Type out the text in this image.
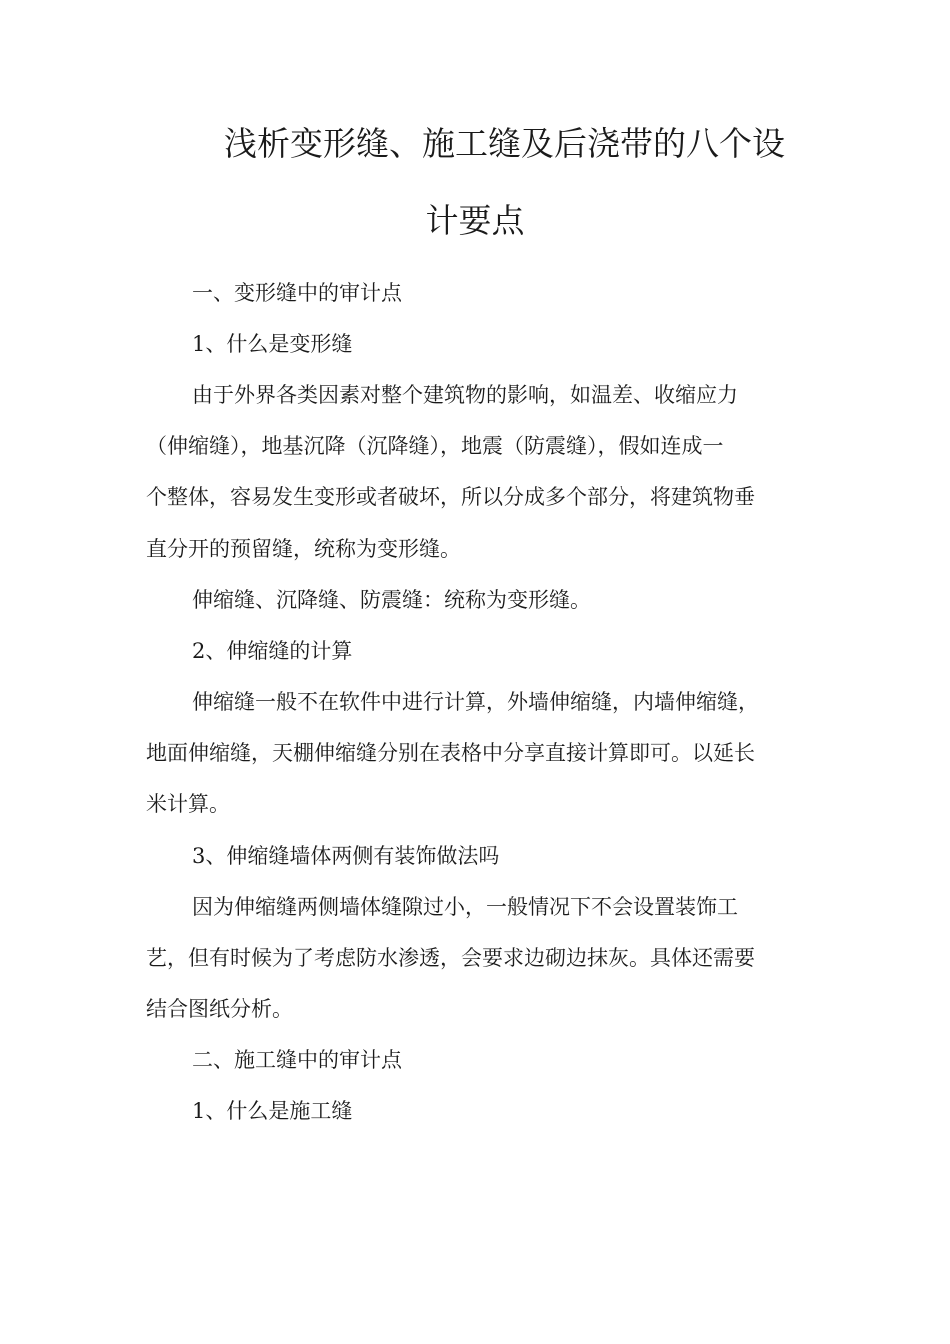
浅析变形缝、施工缝及后浇带的八个设
计要点
一、变形缝中的审计点
1、什么是变形缝
由于外界各类因素对整个建筑物的影响，如温差、收缩应力
（伸缩缝），地基沉降（沉降缝），地震（防震缝），假如连成一
个整体，容易发生变形或者破坏，所以分成多个部分，将建筑物垂
直分开的预留缝，统称为变形缝。
伸缩缝、沉降缝、防震缝：统称为变形缝。
2、伸缩缝的计算
伸缩缝一般不在软件中进行计算，外墙伸缩缝，内墙伸缩缝，
地面伸缩缝，天棚伸缩缝分别在表格中分享直接计算即可。以延长
米计算。
3、伸缩缝墙体两侧有装饰做法吗
因为伸缩缝两侧墙体缝隙过小，一般情况下不会设置装饰工
艺，但有时候为了考虑防水渗透，会要求边砌边抹灰。具体还需要
结合图纸分析。
二、施工缝中的审计点
1、什么是施工缝
